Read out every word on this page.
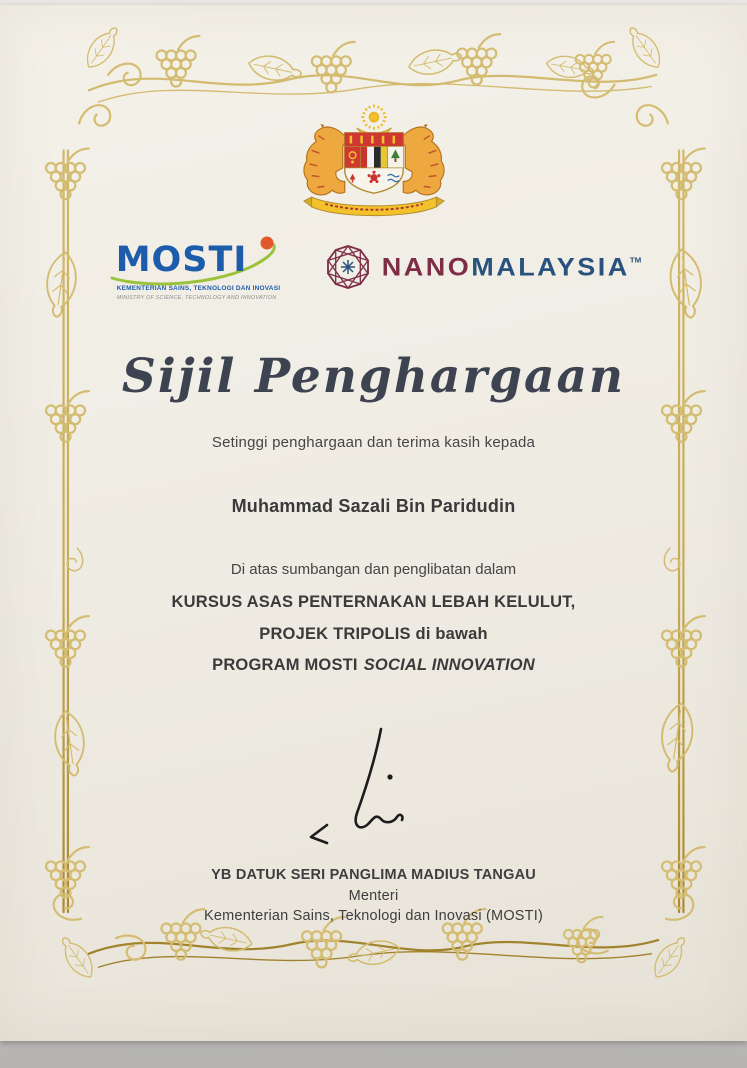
MOSTI
KEMENTERIAN SAINS, TEKNOLOGI DAN INOVASI
MINISTRY OF SCIENCE, TECHNOLOGY AND INNOVATION
NANOMALAYSIA™
Sijil Penghargaan
Setinggi penghargaan dan terima kasih kepada
Muhammad Sazali Bin Paridudin
Di atas sumbangan dan penglibatan dalam
KURSUS ASAS PENTERNAKAN LEBAH KELULUT,
PROJEK TRIPOLIS di bawah
PROGRAM MOSTI SOCIAL INNOVATION
YB DATUK SERI PANGLIMA MADIUS TANGAU
Menteri
Kementerian Sains, Teknologi dan Inovasi (MOSTI)
